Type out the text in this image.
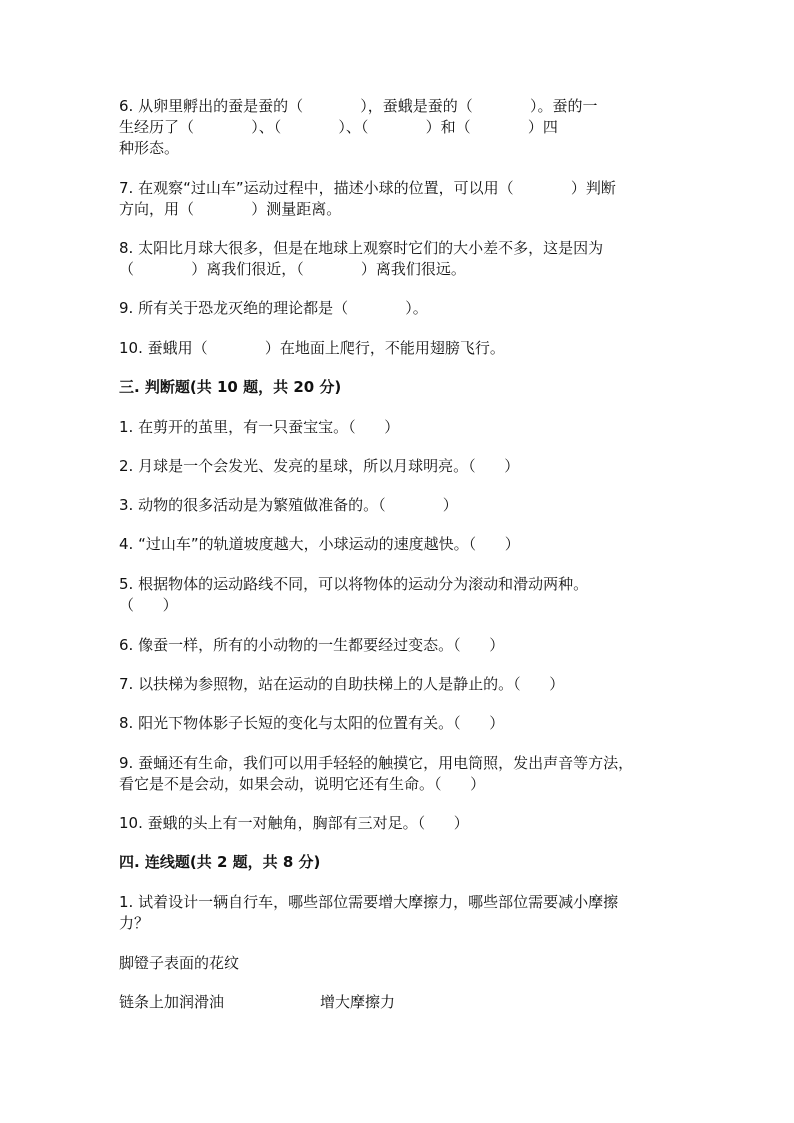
6. 从卵里孵出的蚕是蚕的（            ），蚕蛾是蚕的（            ）。蚕的一
生经历了（            ）、（            ）、（            ）和（            ）四
种形态。
7. 在观察“过山车”运动过程中，描述小球的位置，可以用（            ）判断
方向，用（            ）测量距离。
8. 太阳比月球大很多，但是在地球上观察时它们的大小差不多，这是因为
（            ）离我们很近，（            ）离我们很远。
9. 所有关于恐龙灭绝的理论都是（            ）。
10. 蚕蛾用（            ）在地面上爬行，不能用翅膀飞行。
三. 判断题(共 10 题，共 20 分)
1. 在剪开的茧里，有一只蚕宝宝。（      ）
2. 月球是一个会发光、发亮的星球，所以月球明亮。（      ）
3. 动物的很多活动是为繁殖做准备的。（            ）
4. “过山车”的轨道坡度越大，小球运动的速度越快。（      ）
5. 根据物体的运动路线不同，可以将物体的运动分为滚动和滑动两种。
（      ）
6. 像蚕一样，所有的小动物的一生都要经过变态。（      ）
7. 以扶梯为参照物，站在运动的自助扶梯上的人是静止的。（      ）
8. 阳光下物体影子长短的变化与太阳的位置有关。（      ）
9. 蚕蛹还有生命，我们可以用手轻轻的触摸它，用电筒照，发出声音等方法，
看它是不是会动，如果会动，说明它还有生命。（      ）
10. 蚕蛾的头上有一对触角，胸部有三对足。（      ）
四. 连线题(共 2 题，共 8 分)
1. 试着设计一辆自行车，哪些部位需要增大摩擦力，哪些部位需要减小摩擦
力？
脚镫子表面的花纹
链条上加润滑油	增大摩擦力
